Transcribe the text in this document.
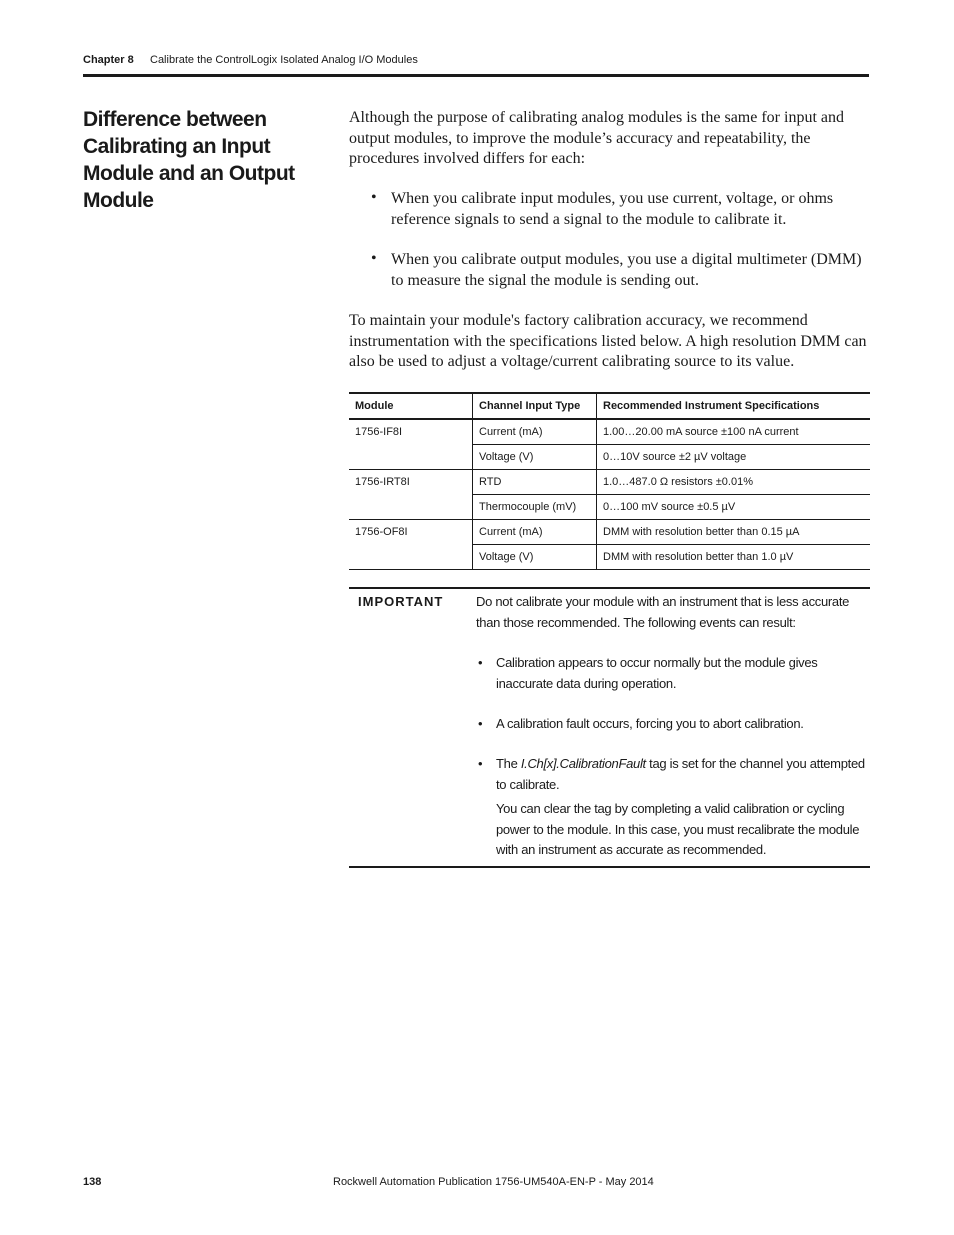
Chapter 8 Calibrate the ControlLogix Isolated Analog I/O Modules
Difference between Calibrating an Input Module and an Output Module

Although the purpose of calibrating analog modules is the same for input and output modules, to improve the module’s accuracy and repeatability, the procedures involved differs for each:

• When you calibrate input modules, you use current, voltage, or ohms reference signals to send a signal to the module to calibrate it.

• When you calibrate output modules, you use a digital multimeter (DMM) to measure the signal the module is sending out.

To maintain your module's factory calibration accuracy, we recommend instrumentation with the specifications listed below. A high resolution DMM can also be used to adjust a voltage/current calibrating source to its value.

Module	Channel Input Type	Recommended Instrument Specifications
1756-IF8I	Current (mA)	1.00…20.00 mA source ±100 nA current
	Voltage (V)	0…10V source ±2 µV voltage
1756-IRT8I	RTD	1.0…487.0 Ω resistors ±0.01%
	Thermocouple (mV)	0…100 mV source ±0.5 µV
1756-OF8I	Current (mA)	DMM with resolution better than 0.15 µA
	Voltage (V)	DMM with resolution better than 1.0 µV
IMPORTANT	Do not calibrate your module with an instrument that is less accurate than those recommended. The following events can result:

• Calibration appears to occur normally but the module gives inaccurate data during operation.

• A calibration fault occurs, forcing you to abort calibration.

• The I.Ch[x].CalibrationFault tag is set for the channel you attempted to calibrate.

You can clear the tag by completing a valid calibration or cycling power to the module. In this case, you must recalibrate the module with an instrument as accurate as recommended.

138	Rockwell Automation Publication 1756-UM540A-EN-P - May 2014
